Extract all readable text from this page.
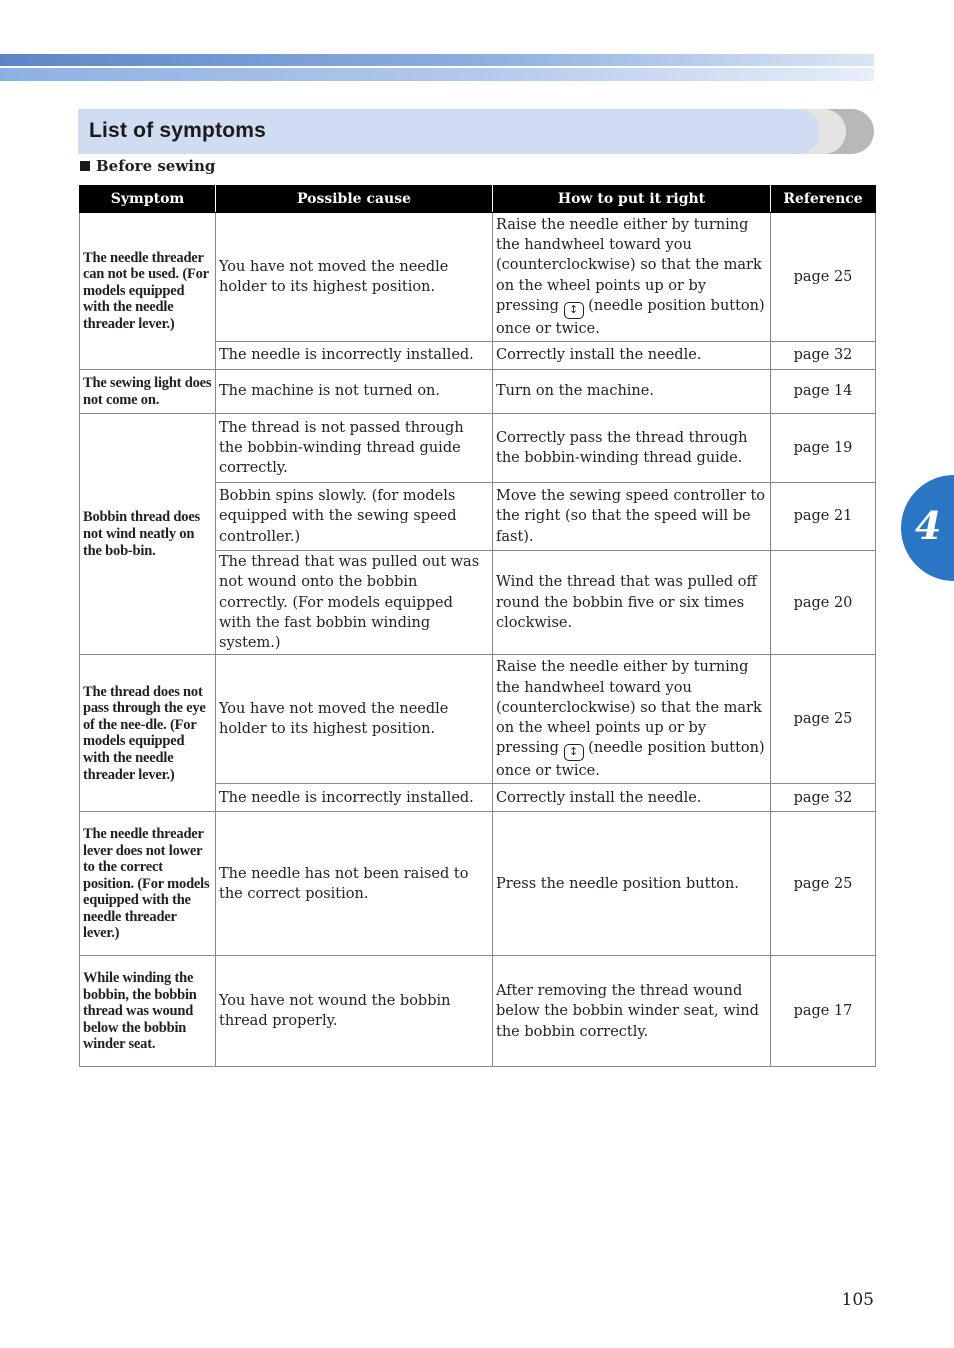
List of symptoms
Before sewing
Symptom	Possible cause	How to put it right	Reference
The needle threader can not be used. (For models equipped with the needle threader lever.)	You have not moved the needle holder to its highest position.	Raise the needle either by turning the handwheel toward you (counterclockwise) so that the mark on the wheel points up or by pressing ↕ (needle position button) once or twice.	page 25
	The needle is incorrectly installed.	Correctly install the needle.	page 32
The sewing light does not come on.	The machine is not turned on.	Turn on the machine.	page 14
Bobbin thread does not wind neatly on the bob-bin.	The thread is not passed through the bobbin-winding thread guide correctly.	Correctly pass the thread through the bobbin-winding thread guide.	page 19
	Bobbin spins slowly. (for models equipped with the sewing speed controller.)	Move the sewing speed controller to the right (so that the speed will be fast).	page 21
	The thread that was pulled out was not wound onto the bobbin correctly. (For models equipped with the fast bobbin winding system.)	Wind the thread that was pulled off round the bobbin five or six times clockwise.	page 20
The thread does not pass through the eye of the nee-dle. (For models equipped with the needle threader lever.)	You have not moved the needle holder to its highest position.	Raise the needle either by turning the handwheel toward you (counterclockwise) so that the mark on the wheel points up or by pressing ↕ (needle position button) once or twice.	page 25
	The needle is incorrectly installed.	Correctly install the needle.	page 32
The needle threader lever does not lower to the correct position. (For models equipped with the needle threader lever.)	The needle has not been raised to the correct position.	Press the needle position button.	page 25
While winding the bobbin, the bobbin thread was wound below the bobbin winder seat.	You have not wound the bobbin thread properly.	After removing the thread wound below the bobbin winder seat, wind the bobbin correctly.	page 17
4
105
